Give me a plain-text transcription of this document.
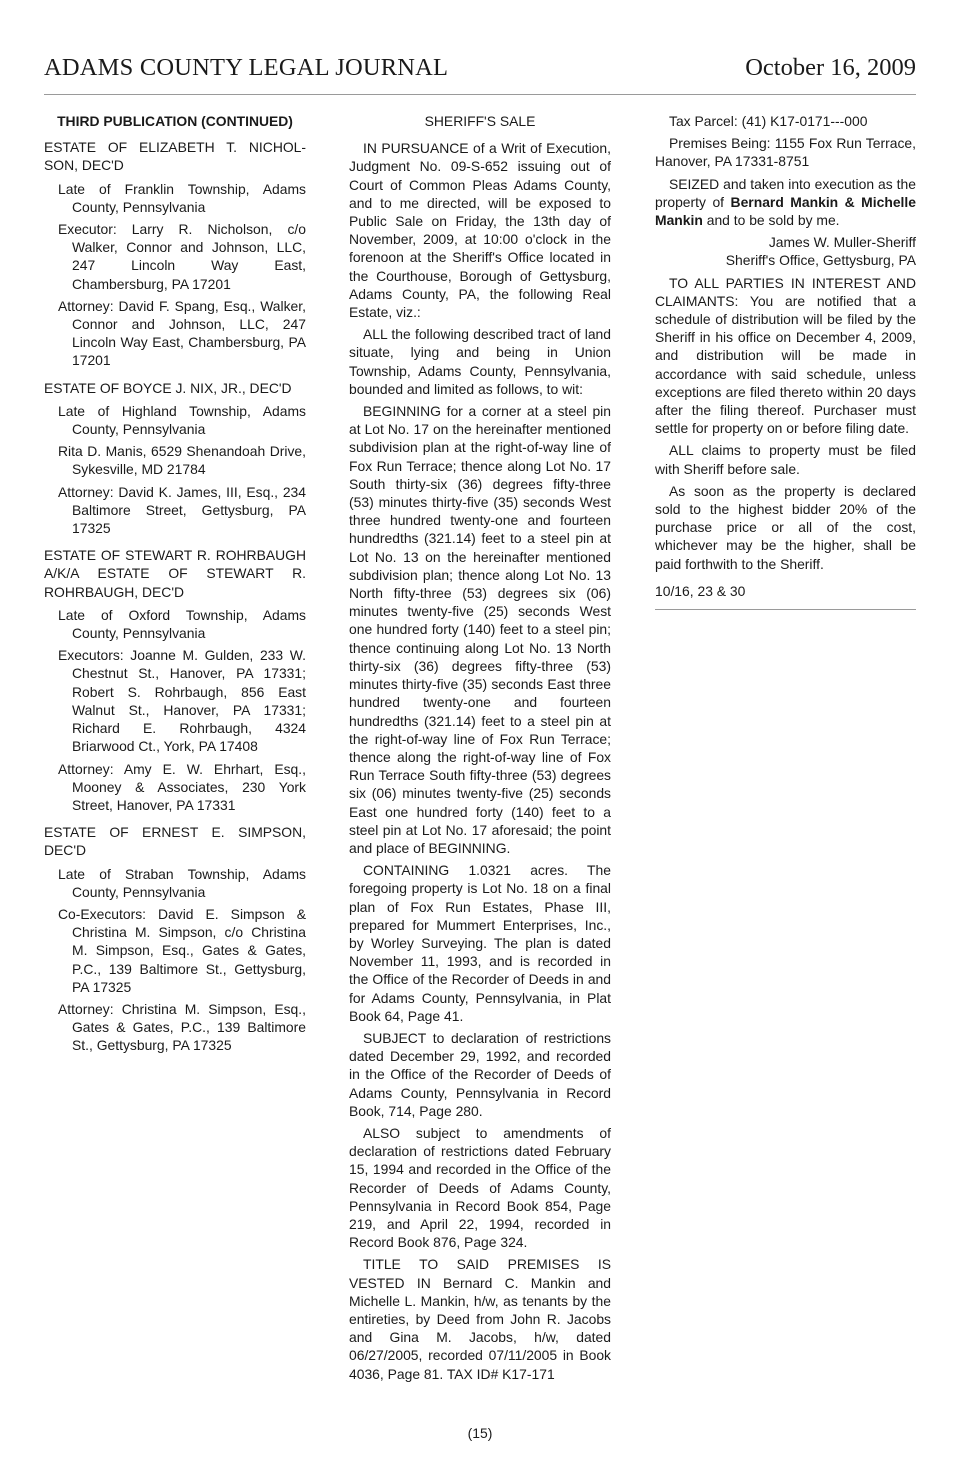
ADAMS COUNTY LEGAL JOURNAL	October 16, 2009

THIRD PUBLICATION (CONTINUED)

ESTATE OF ELIZABETH T. NICHOL-SON, DEC'D

Late of Franklin Township, Adams County, Pennsylvania

Executor: Larry R. Nicholson, c/o Walker, Connor and Johnson, LLC, 247 Lincoln Way East, Chambersburg, PA 17201

Attorney: David F. Spang, Esq., Walker, Connor and Johnson, LLC, 247 Lincoln Way East, Chambersburg, PA 17201

ESTATE OF BOYCE J. NIX, JR., DEC'D

Late of Highland Township, Adams County, Pennsylvania

Rita D. Manis, 6529 Shenandoah Drive, Sykesville, MD 21784

Attorney: David K. James, III, Esq., 234 Baltimore Street, Gettysburg, PA 17325

ESTATE OF STEWART R. ROHRBAUGH A/K/A ESTATE OF STEWART R. ROHRBAUGH, DEC'D

Late of Oxford Township, Adams County, Pennsylvania

Executors: Joanne M. Gulden, 233 W. Chestnut St., Hanover, PA 17331; Robert S. Rohrbaugh, 856 East Walnut St., Hanover, PA 17331; Richard E. Rohrbaugh, 4324 Briarwood Ct., York, PA 17408

Attorney: Amy E. W. Ehrhart, Esq., Mooney & Associates, 230 York Street, Hanover, PA 17331

ESTATE OF ERNEST E. SIMPSON, DEC'D

Late of Straban Township, Adams County, Pennsylvania

Co-Executors: David E. Simpson & Christina M. Simpson, c/o Christina M. Simpson, Esq., Gates & Gates, P.C., 139 Baltimore St., Gettysburg, PA 17325

Attorney: Christina M. Simpson, Esq., Gates & Gates, P.C., 139 Baltimore St., Gettysburg, PA 17325

SHERIFF'S SALE

IN PURSUANCE of a Writ of Execution, Judgment No. 09-S-652 issuing out of Court of Common Pleas Adams County, and to me directed, will be exposed to Public Sale on Friday, the 13th day of November, 2009, at 10:00 o'clock in the forenoon at the Sheriff's Office located in the Courthouse, Borough of Gettysburg, Adams County, PA, the following Real Estate, viz.:

ALL the following described tract of land situate, lying and being in Union Township, Adams County, Pennsylvania, bounded and limited as follows, to wit:

BEGINNING for a corner at a steel pin at Lot No. 17 on the hereinafter mentioned subdivision plan at the right-of-way line of Fox Run Terrace; thence along Lot No. 17 South thirty-six (36) degrees fifty-three (53) minutes thirty-five (35) seconds West three hundred twenty-one and fourteen hundredths (321.14) feet to a steel pin at Lot No. 13 on the hereinafter mentioned subdivision plan; thence along Lot No. 13 North fifty-three (53) degrees six (06) minutes twenty-five (25) seconds West one hundred forty (140) feet to a steel pin; thence continuing along Lot No. 13 North thirty-six (36) degrees fifty-three (53) minutes thirty-five (35) seconds East three hundred twenty-one and fourteen hundredths (321.14) feet to a steel pin at the right-of-way line of Fox Run Terrace; thence along the right-of-way line of Fox Run Terrace South fifty-three (53) degrees six (06) minutes twenty-five (25) seconds East one hundred forty (140) feet to a steel pin at Lot No. 17 aforesaid; the point and place of BEGINNING.

CONTAINING 1.0321 acres. The foregoing property is Lot No. 18 on a final plan of Fox Run Estates, Phase III, prepared for Mummert Enterprises, Inc., by Worley Surveying. The plan is dated November 11, 1993, and is recorded in the Office of the Recorder of Deeds in and for Adams County, Pennsylvania, in Plat Book 64, Page 41.

SUBJECT to declaration of restrictions dated December 29, 1992, and recorded in the Office of the Recorder of Deeds of Adams County, Pennsylvania in Record Book, 714, Page 280.

ALSO subject to amendments of declaration of restrictions dated February 15, 1994 and recorded in the Office of the Recorder of Deeds of Adams County, Pennsylvania in Record Book 854, Page 219, and April 22, 1994, recorded in Record Book 876, Page 324.

TITLE TO SAID PREMISES IS VESTED IN Bernard C. Mankin and Michelle L. Mankin, h/w, as tenants by the entireties, by Deed from John R. Jacobs and Gina M. Jacobs, h/w, dated 06/27/2005, recorded 07/11/2005 in Book 4036, Page 81. TAX ID# K17-171

Tax Parcel: (41) K17-0171---000

Premises Being: 1155 Fox Run Terrace, Hanover, PA 17331-8751

SEIZED and taken into execution as the property of Bernard Mankin & Michelle Mankin and to be sold by me.

James W. Muller-Sheriff

Sheriff's Office, Gettysburg, PA

TO ALL PARTIES IN INTEREST AND CLAIMANTS: You are notified that a schedule of distribution will be filed by the Sheriff in his office on December 4, 2009, and distribution will be made in accordance with said schedule, unless exceptions are filed thereto within 20 days after the filing thereof. Purchaser must settle for property on or before filing date.

ALL claims to property must be filed with Sheriff before sale.

As soon as the property is declared sold to the highest bidder 20% of the purchase price or all of the cost, whichever may be the higher, shall be paid forthwith to the Sheriff.

10/16, 23 & 30

(15)
